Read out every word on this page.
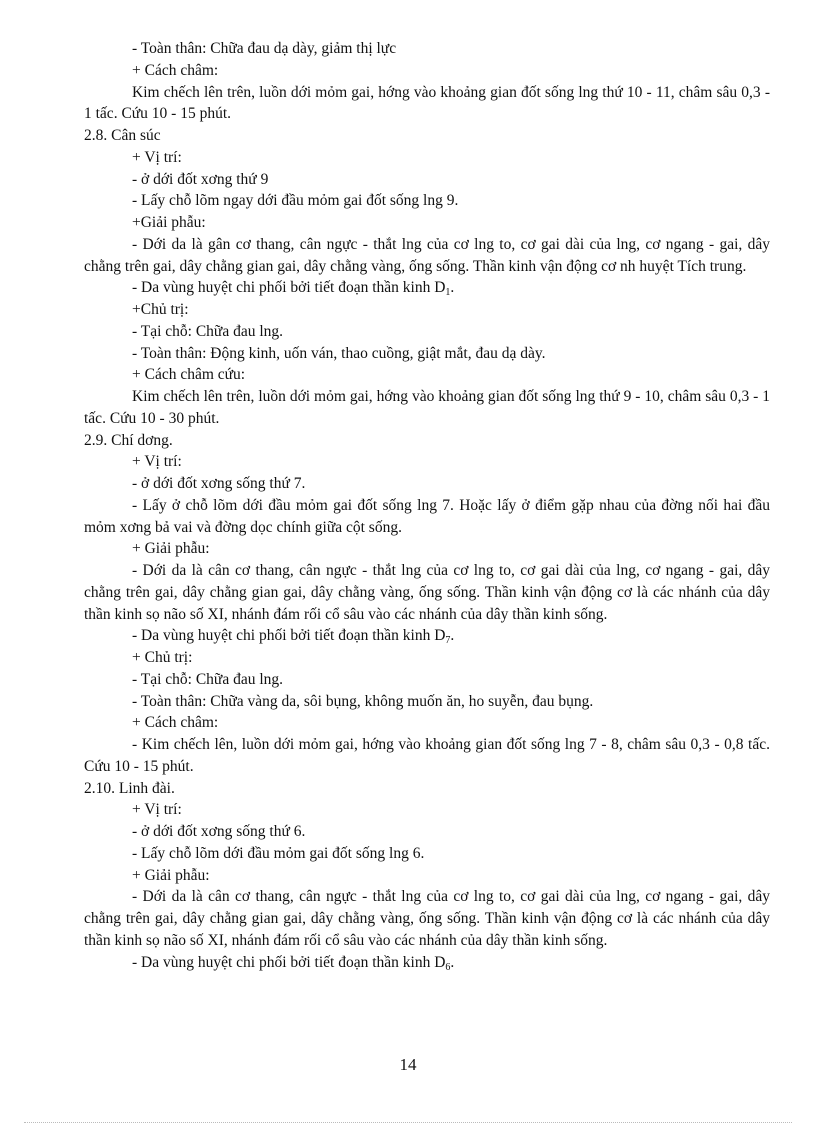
- Toàn thân: Chữa đau dạ dày, giảm thị lực
+ Cách châm:
Kim chếch lên trên, luồn dới mỏm gai, hớng vào khoảng gian đốt sống lng thứ 10 - 11, châm sâu 0,3 - 1 tấc. Cứu 10 - 15 phút.
2.8. Cân súc
+ Vị trí:
- ở dới đốt xơng thứ 9
- Lấy chỗ lõm ngay dới đầu mỏm gai đốt sống lng 9.
+Giải phẫu:
- Dới da là gân cơ thang, cân ngực - thắt lng của cơ lng to, cơ gai dài của lng, cơ ngang - gai, dây chằng trên gai, dây chằng gian gai, dây chằng vàng, ống sống. Thần kinh vận động cơ nh huyệt Tích trung.
- Da vùng huyệt chi phối bởi tiết đoạn thần kinh $D_1$.
+Chủ trị:
- Tại chỗ: Chữa đau lng.
- Toàn thân: Động kinh, uốn ván, thao cuồng, giật mắt, đau dạ dày.
+ Cách châm cứu:
Kim chếch lên trên, luồn dới mỏm gai, hớng vào khoảng gian đốt sống lng thứ 9 - 10, châm sâu 0,3 - 1 tấc. Cứu 10 - 30 phút.
2.9. Chí dơng.
+ Vị trí:
- ở dới đốt xơng sống thứ 7.
- Lấy ở chỗ lõm dới đầu mỏm gai đốt sống lng 7. Hoặc lấy ở điểm gặp nhau của đờng nối hai đầu mỏm xơng bả vai và đờng dọc chính giữa cột sống.
+ Giải phẫu:
- Dới da là cân cơ thang, cân ngực - thắt lng của cơ lng to, cơ gai dài của lng, cơ ngang - gai, dây chằng trên gai, dây chằng gian gai, dây chằng vàng, ống sống. Thần kinh vận động cơ là các nhánh của dây thần kinh sọ não số XI, nhánh đám rối cổ sâu vào các nhánh của dây thần kinh sống.
- Da vùng huyệt chi phối bởi tiết đoạn thần kinh $D_7$.
+ Chủ trị:
- Tại chỗ: Chữa đau lng.
- Toàn thân: Chữa vàng da, sôi bụng, không muốn ăn, ho suyễn, đau bụng.
+ Cách châm:
- Kim chếch lên, luồn dới mỏm gai, hớng vào khoảng gian đốt sống lng 7 - 8, châm sâu 0,3 - 0,8 tấc. Cứu 10 - 15 phút.
2.10. Linh đài.
+ Vị trí:
- ở dới đốt xơng sống thứ 6.
- Lấy chỗ lõm dới đầu mỏm gai đốt sống lng 6.
+ Giải phẫu:
- Dới da là cân cơ thang, cân ngực - thắt lng của cơ lng to, cơ gai dài của lng, cơ ngang - gai, dây chằng trên gai, dây chằng gian gai, dây chằng vàng, ống sống. Thần kinh vận động cơ là các nhánh của dây thần kinh sọ não số XI, nhánh đám rối cổ sâu vào các nhánh của dây thần kinh sống.
- Da vùng huyệt chi phối bởi tiết đoạn thần kinh $D_6$.
14
